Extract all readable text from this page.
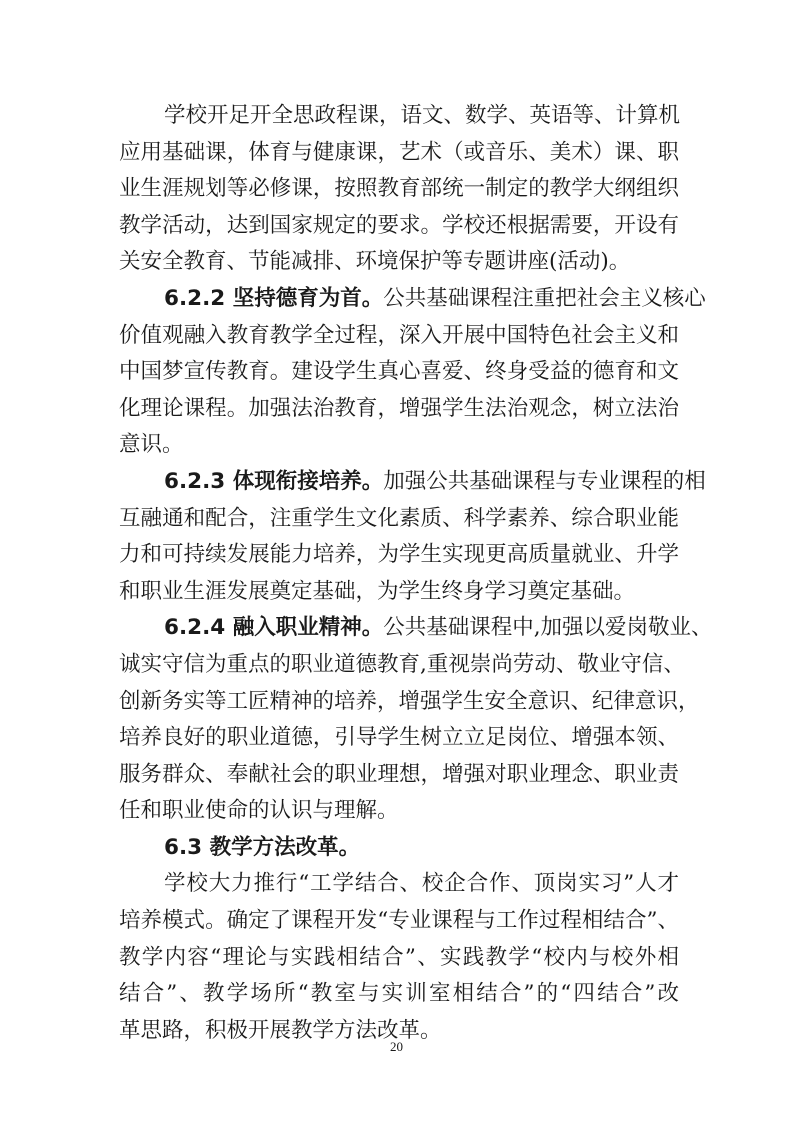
学校开足开全思政程课，语文、数学、英语等、计算机
应用基础课，体育与健康课，艺术（或音乐、美术）课、职
业生涯规划等必修课，按照教育部统一制定的教学大纲组织
教学活动，达到国家规定的要求。学校还根据需要，开设有
关安全教育、节能减排、环境保护等专题讲座(活动)。
6.2.2 坚持德育为首。公共基础课程注重把社会主义核心
价值观融入教育教学全过程，深入开展中国特色社会主义和
中国梦宣传教育。建设学生真心喜爱、终身受益的德育和文
化理论课程。加强法治教育，增强学生法治观念，树立法治
意识。
6.2.3 体现衔接培养。加强公共基础课程与专业课程的相
互融通和配合，注重学生文化素质、科学素养、综合职业能
力和可持续发展能力培养，为学生实现更高质量就业、升学
和职业生涯发展奠定基础，为学生终身学习奠定基础。
6.2.4 融入职业精神。公共基础课程中,加强以爱岗敬业、
诚实守信为重点的职业道德教育,重视崇尚劳动、敬业守信、
创新务实等工匠精神的培养，增强学生安全意识、纪律意识，
培养良好的职业道德，引导学生树立立足岗位、增强本领、
服务群众、奉献社会的职业理想，增强对职业理念、职业责
任和职业使命的认识与理解。
6.3 教学方法改革。
学校大力推行“工学结合、校企合作、顶岗实习”人才
培养模式。确定了课程开发“专业课程与工作过程相结合”、
教学内容“理论与实践相结合”、实践教学“校内与校外相
结合”、教学场所“教室与实训室相结合”的“四结合”改
革思路，积极开展教学方法改革。
20
